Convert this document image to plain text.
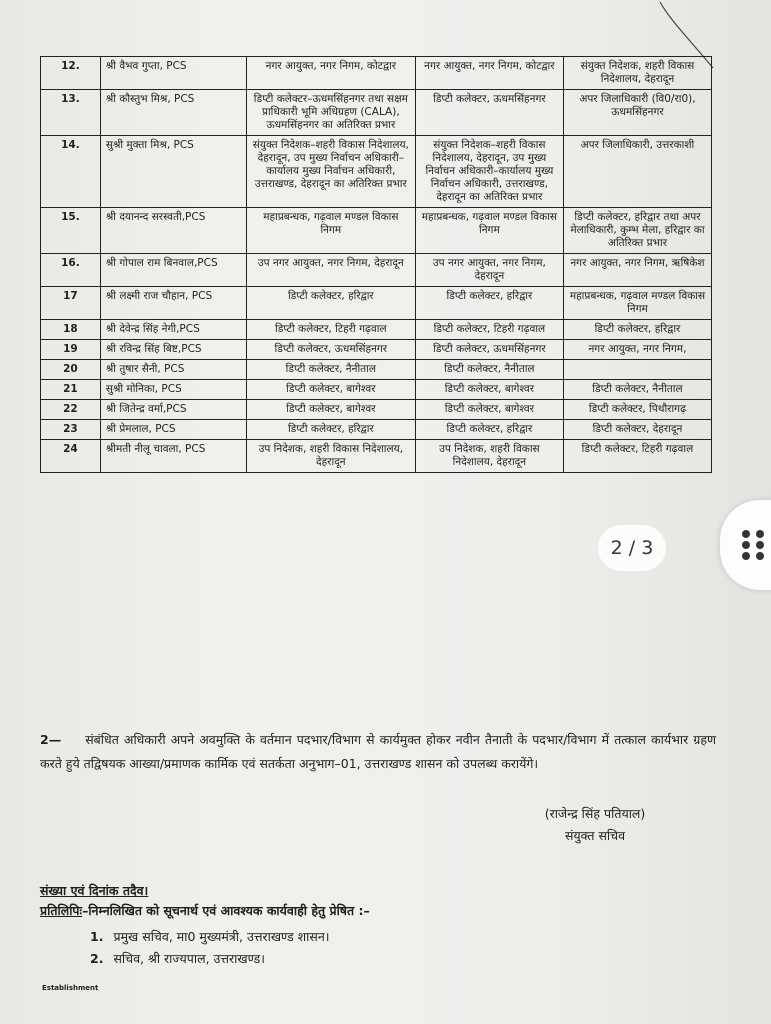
12.	श्री वैभव गुप्ता, PCS	नगर आयुक्त, नगर निगम, कोटद्वार	नगर आयुक्त, नगर निगम, कोटद्वार	संयुक्त निदेशक, शहरी विकास निदेशालय, देहरादून
13.	श्री कौस्तुभ मिश्र, PCS	डिप्टी कलेक्टर–ऊधमसिंहनगर तथा सक्षम प्राधिकारी भूमि अधिग्रहण (CALA), ऊधमसिंहनगर का अतिरिक्त प्रभार	डिप्टी कलेक्टर, ऊधमसिंहनगर	अपर जिलाधिकारी (वि0/रा0), ऊधमसिंहनगर
14.	सुश्री मुक्ता मिश्र, PCS	संयुक्त निदेशक–शहरी विकास निदेशालय, देहरादून, उप मुख्य निर्वाचन अधिकारी–कार्यालय मुख्य निर्वाचन अधिकारी, उत्तराखण्ड, देहरादून का अतिरिक्त प्रभार	संयुक्त निदेशक–शहरी विकास निदेशालय, देहरादून, उप मुख्य निर्वाचन अधिकारी–कार्यालय मुख्य निर्वाचन अधिकारी, उत्तराखण्ड, देहरादून का अतिरिक्त प्रभार	अपर जिलाधिकारी, उत्तरकाशी
15.	श्री दयानन्द सरस्वती,PCS	महाप्रबन्धक, गढ़वाल मण्डल विकास निगम	महाप्रबन्धक, गढ़वाल मण्डल विकास निगम	डिप्टी कलेक्टर, हरिद्वार तथा अपर मेलाधिकारी, कुम्भ मेला, हरिद्वार का अतिरिक्त प्रभार
16.	श्री गोपाल राम बिनवाल,PCS	उप नगर आयुक्त, नगर निगम, देहरादून	उप नगर आयुक्त, नगर निगम, देहरादून	नगर आयुक्त, नगर निगम, ऋषिकेश
17	श्री लक्ष्मी राज चौहान, PCS	डिप्टी कलेक्टर, हरिद्वार	डिप्टी कलेक्टर, हरिद्वार	महाप्रबन्धक, गढ़वाल मण्डल विकास निगम
18	श्री देवेन्द्र सिंह नेगी,PCS	डिप्टी कलेक्टर, टिहरी गढ़वाल	डिप्टी कलेक्टर, टिहरी गढ़वाल	डिप्टी कलेक्टर, हरिद्वार
19	श्री रविन्द्र सिंह बिष्ट,PCS	डिप्टी कलेक्टर, ऊधमसिंहनगर	डिप्टी कलेक्टर, ऊधमसिंहनगर	नगर आयुक्त, नगर निगम,
20	श्री तुषार सैनी, PCS	डिप्टी कलेक्टर, नैनीताल	डिप्टी कलेक्टर, नैनीताल	
21	सुश्री मोनिका, PCS	डिप्टी कलेक्टर, बागेश्वर	डिप्टी कलेक्टर, बागेश्वर	डिप्टी कलेक्टर, नैनीताल
22	श्री जितेन्द्र वर्मा,PCS	डिप्टी कलेक्टर, बागेश्वर	डिप्टी कलेक्टर, बागेश्वर	डिप्टी कलेक्टर, पिथौरागढ़
23	श्री प्रेमलाल, PCS	डिप्टी कलेक्टर, हरिद्वार	डिप्टी कलेक्टर, हरिद्वार	डिप्टी कलेक्टर, देहरादून
24	श्रीमती नीलू चावला, PCS	उप निदेशक, शहरी विकास निदेशालय, देहरादून	उप निदेशक, शहरी विकास निदेशालय, देहरादून	डिप्टी कलेक्टर, टिहरी गढ़वाल
2— संबंधित अधिकारी अपने अवमुक्ति के वर्तमान पदभार/विभाग से कार्यमुक्त होकर नवीन तैनाती के पदभार/विभाग में तत्काल कार्यभार ग्रहण करते हुये तद्विषयक आख्या/प्रमाणक कार्मिक एवं सतर्कता अनुभाग–01, उत्तराखण्ड शासन को उपलब्ध करायेंगे।
(राजेन्द्र सिंह पतियाल)
संयुक्त सचिव
संख्या एवं दिनांक तदैव।
प्रतिलिपिः–निम्नलिखित को सूचनार्थ एवं आवश्यक कार्यवाही हेतु प्रेषित :–
1. प्रमुख सचिव, मा0 मुख्यमंत्री, उत्तराखण्ड शासन।
2. सचिव, श्री राज्यपाल, उत्तराखण्ड।
Establishment
2 / 3
